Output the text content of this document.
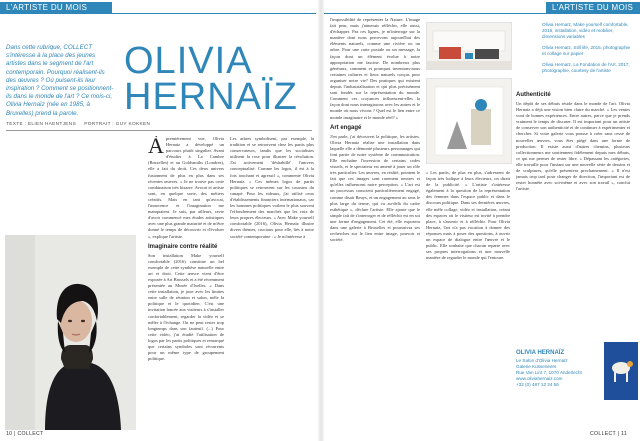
L'ARTISTE DU MOIS
Dans cette rubrique, COLLECT s'intéresse à la place des jeunes artistes dans le segment de l'art contemporain. Pourquoi réalisent-ils des œuvres ? Où puisent-ils leur inspiration ? Comment se positionnent-ils dans le monde de l'art ? Ce mois-ci, Olivia Hernaïz (née en 1985, à Bruxelles) prend la parole.
OLIVIA
HERNAÏZ
TEXTE : ELIEN HAENTJENS PORTRAIT : GUY KOKKEN

Àpremièrement vue, Olivia Hernaïz a développé un parcours plutôt singulier. Avant d'étudier à La Cambre (Bruxelles) et au Goldsmiths (Londres), elle a fait du droit. Ces deux univers fusionnent de plus en plus dans ses récentes œuvres. « Je ne trouve pas cette combinaison très bizarre. Avocat et artiste sont, en quelque sorte, des métiers créatifs. Mais en tant qu'avocat, l'innocence et l'imagination me manquaient. Je suis, par ailleurs, ravie d'avoir commencé mes études artistiques avec une plus grande maturité et de m'être donné le temps de découvrir et d'évoluer », explique l'artiste.

Imaginaire contre réalité

Son installation Make yourself comfortable (2016) constitue un bel exemple de cette synthèse naturelle entre art et droit. Cette œuvre vient d'être exposée à Art Brussels et a été récemment présentée au Musée d'Ixelles. « Dans cette installation, je joue avec les limites entre salle de réunion et salon, mêle la politique et le quotidien. C'est une invitation lancée aux visiteurs à s'installer confortablement, regarder la vidéo et se mêler à l'échange. On ne peut rester trop longtemps dans son fauteuil. (...) Pour cette vidéo, j'ai étudié l'utilisation de logos par les partis politiques et remarqué que certains symboles sont récurrents pour un même type de groupement politique.

Les arbres symbolisent, par exemple, la tradition et se retrouvent chez les partis plus conservateurs, tandis que les socialistes utilisent la rose pour illustrer la révolution. J'ai activement 'déshabillé' l'univers conceptualisé. Comme les logos, il est à la fois touchant et agressif », commente Olivia Hernaïz. « Ces mêmes logos de partis politiques se retrouvent sur les coussins du canapé. Pour les rideaux, j'ai utilisé ceux d'établissements financiers internationaux, car les hommes politiques voilent le plus souvent l'effondrement des marchés que les voix de leurs propres électeurs. » Avec Make yourself comfortable (2016), Olivia Hernaïz illustre divers thèmes, cruciaux pour elle, liés à notre société contemporaine : « Je m'intéresse à

10 | COLLECT
L'ARTISTE DU MOIS

l'impossibilité de représenter la Nature. L'image fait peur, mais j'aimerais réfléchir, elle aussi, d'échapper. Pas ces lignes, je m'interroge sur la manière dont nous percevons aujourd'hui des éléments naturels, comme une rivière ou un arbre. Pour une carte postale ou un message, la façon dont un élément évolue à notre appropriation me fascine. De nombreux plus généraux, comment et pourquoi inventons-nous certaines cultures et lieux naturels conçus pour organiser notre vie? Des pratiques qui existent depuis l'industrialisation et qui plus précisément sont fondés sur la représentation du monde. Comment ces croyances influencent-elles la façon dont nous interagissons avec les autres et le monde où nous vivons ? Quel est le lien entre ce monde imaginaire et le monde réel? »

Art engagé

J'en parle, j'ai découvert la politique, les artistes. Olivia Hernaïz réalise une installation dans laquelle elle a démonté plusieurs personnages qui font partie de notre système de communication. Elle enchaîne l'inversion de certains codes visuels, et le spectateur est amené à jouer un rôle très particulier. Les œuvres, en réalité, pointent le fait que ces images sont rarement neutres et qu'elles influencent notre perception. « L'art est un processus conscient particulièrement engagé, comme disait Beuys, et un engagement au sens le plus large du terme, qui va au-delà du cadre esthétique », déclare l'artiste. Elle ajoute que le simple fait de s'interroger et de réfléchir est en soi une forme d'engagement. Cet été, elle exposera dans une galerie à Bruxelles et poursuivra ses recherches sur le lien entre image, pouvoir et société.

« Les partis, de plus en plus, s'adressent de façon très ludique à leurs électeurs, on dirait de la publicité. » L'artiste s'intéresse également à la question de la représentation des femmes dans l'espace public et dans le discours politique. Dans ses dernières œuvres, elle mêle collage, vidéo et installation, créant des espaces où le visiteur est invité à prendre place, à s'asseoir et à réfléchir. Pour Olivia Hernaïz, l'art n'a pas vocation à donner des réponses mais à poser des questions, à ouvrir un espace de dialogue entre l'œuvre et le public. Elle souhaite que chacun reparte avec ses propres interrogations et une nouvelle manière de regarder le monde qui l'entoure.

Authenticité

Un dépôt de ses débuts réside dans le monde de l'art. Olivia Hernaïz a déjà une vision bien claire du marché. « Les ventes vont de bonnes expériences. Entre autres, parce que je prends vraiment le temps de discuter. Il est important pour un artiste de conserver son authenticité et de continuer à expérimenter et chercher. Si votre galerie vous pousse à créer sans cesse de nouvelles œuvres, vous êtes piégé dans une forme de production. Il existe aussi d'autres chemins, plusieurs collectionneurs me soutiennent fidèlement depuis mes débuts, ce qui me permet de rester libre. » Dépassant les catégories, elle travaille pour l'instant sur une nouvelle série de dessins et de sculptures, qu'elle présentera prochainement. « Il n'est jamais trop tard pour changer de direction, l'important est de rester honnête avec soi-même et avec son travail », conclut l'artiste.

Olivia Hernaïz, Make yourself comfortable, 2016, installation, vidéo et mobilier, dimensions variables
Olivia Hernaïz, Still life, 2016, photographie et collage sur papier
Olivia Hernaïz, La Fondation de l'Art, 2017, photographie, courtesy de l'artiste
OLIVIA HERNAÏZ
Le Salon d'Olivia Hernaïz
Galerie Kusseneers
Rue Van Lint 7, 1070 Anderlecht
www.oliviahernaiz.com
+32 (0) 487 12 34 56
COLLECT | 11
